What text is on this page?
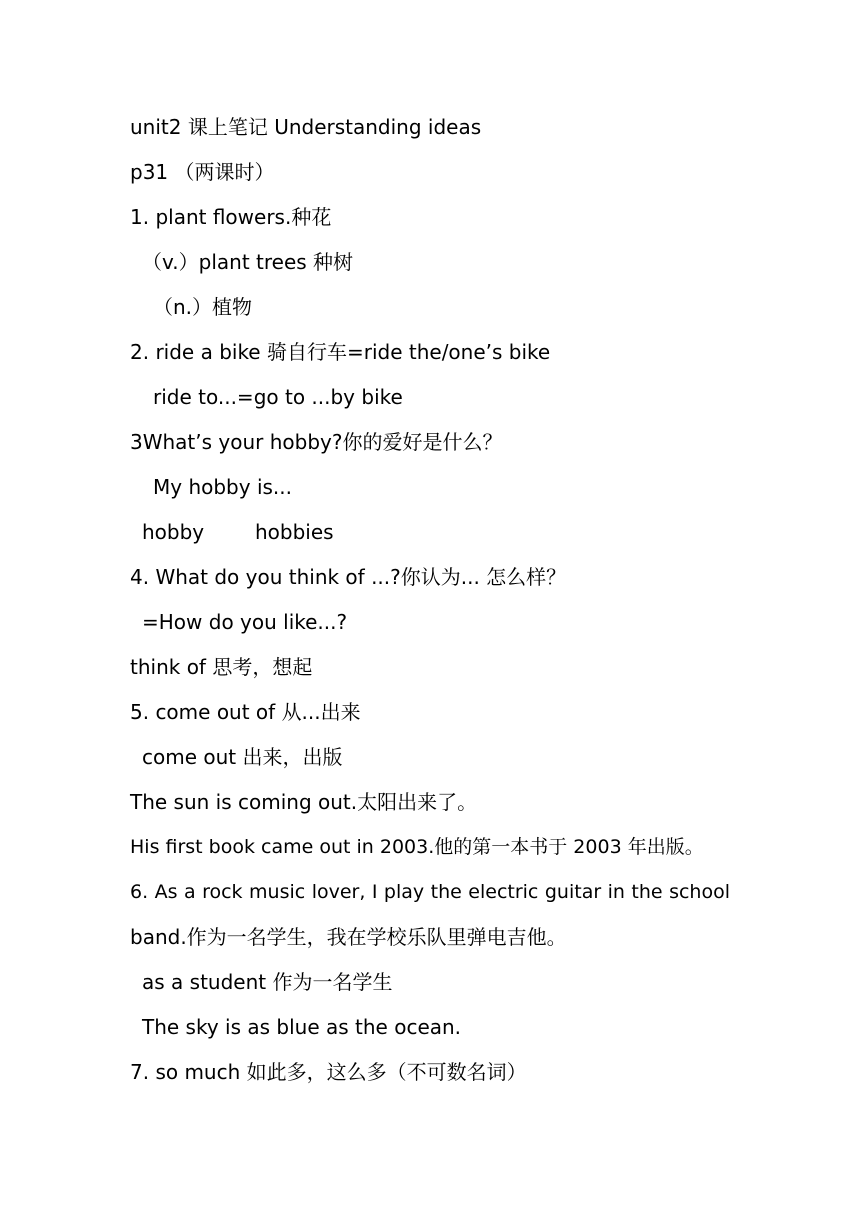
unit2 课上笔记 Understanding ideas
p31 （两课时）
1. plant flowers.种花
（v.）plant trees 种树
（n.）植物
2. ride a bike 骑自行车=ride the/one’s bike
ride to...=go to ...by bike
3What’s your hobby?你的爱好是什么？
My hobby is...
hobby        hobbies
4. What do you think of ...?你认为... 怎么样？
=How do you like...?
think of 思考，想起
5. come out of 从...出来
come out 出来，出版
The sun is coming out.太阳出来了。
His first book came out in 2003.他的第一本书于 2003 年出版。
6. As a rock music lover, I play the electric guitar in the school
band.作为一名学生，我在学校乐队里弹电吉他。
as a student 作为一名学生
The sky is as blue as the ocean.
7. so much 如此多，这么多（不可数名词）
